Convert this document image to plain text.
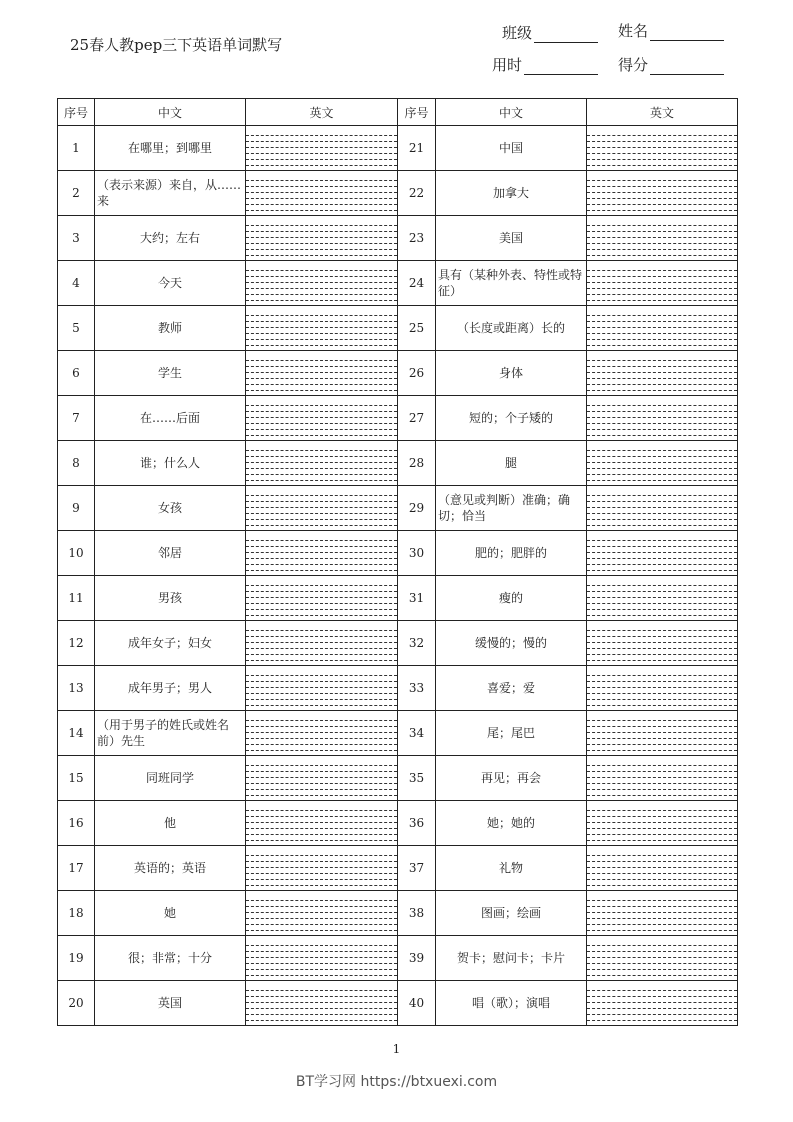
25春人教pep三下英语单词默写
班级	姓名
用时	得分
序号	中文	英文	序号	中文	英文
1	在哪里；到哪里		21	中国	

2	（表示来源）来自，从……来		22	加拿大	

3	大约；左右		23	美国	

4	今天		24	具有（某种外表、特性或特征）	

5	教师		25	（长度或距离）长的	

6	学生		26	身体	

7	在……后面		27	短的；个子矮的	

8	谁；什么人		28	腿	

9	女孩		29	（意见或判断）准确；确切；恰当	

10	邻居		30	肥的；肥胖的	

11	男孩		31	瘦的	

12	成年女子；妇女		32	缓慢的；慢的	

13	成年男子；男人		33	喜爱；爱	

14	（用于男子的姓氏或姓名前）先生		34	尾；尾巴	

15	同班同学		35	再见；再会	

16	他		36	她；她的	

17	英语的；英语		37	礼物	

18	她		38	图画；绘画	

19	很；非常；十分		39	贺卡；慰问卡；卡片	

20	英国		40	唱（歌）；演唱	
1
BT学习网 https://btxuexi.com
